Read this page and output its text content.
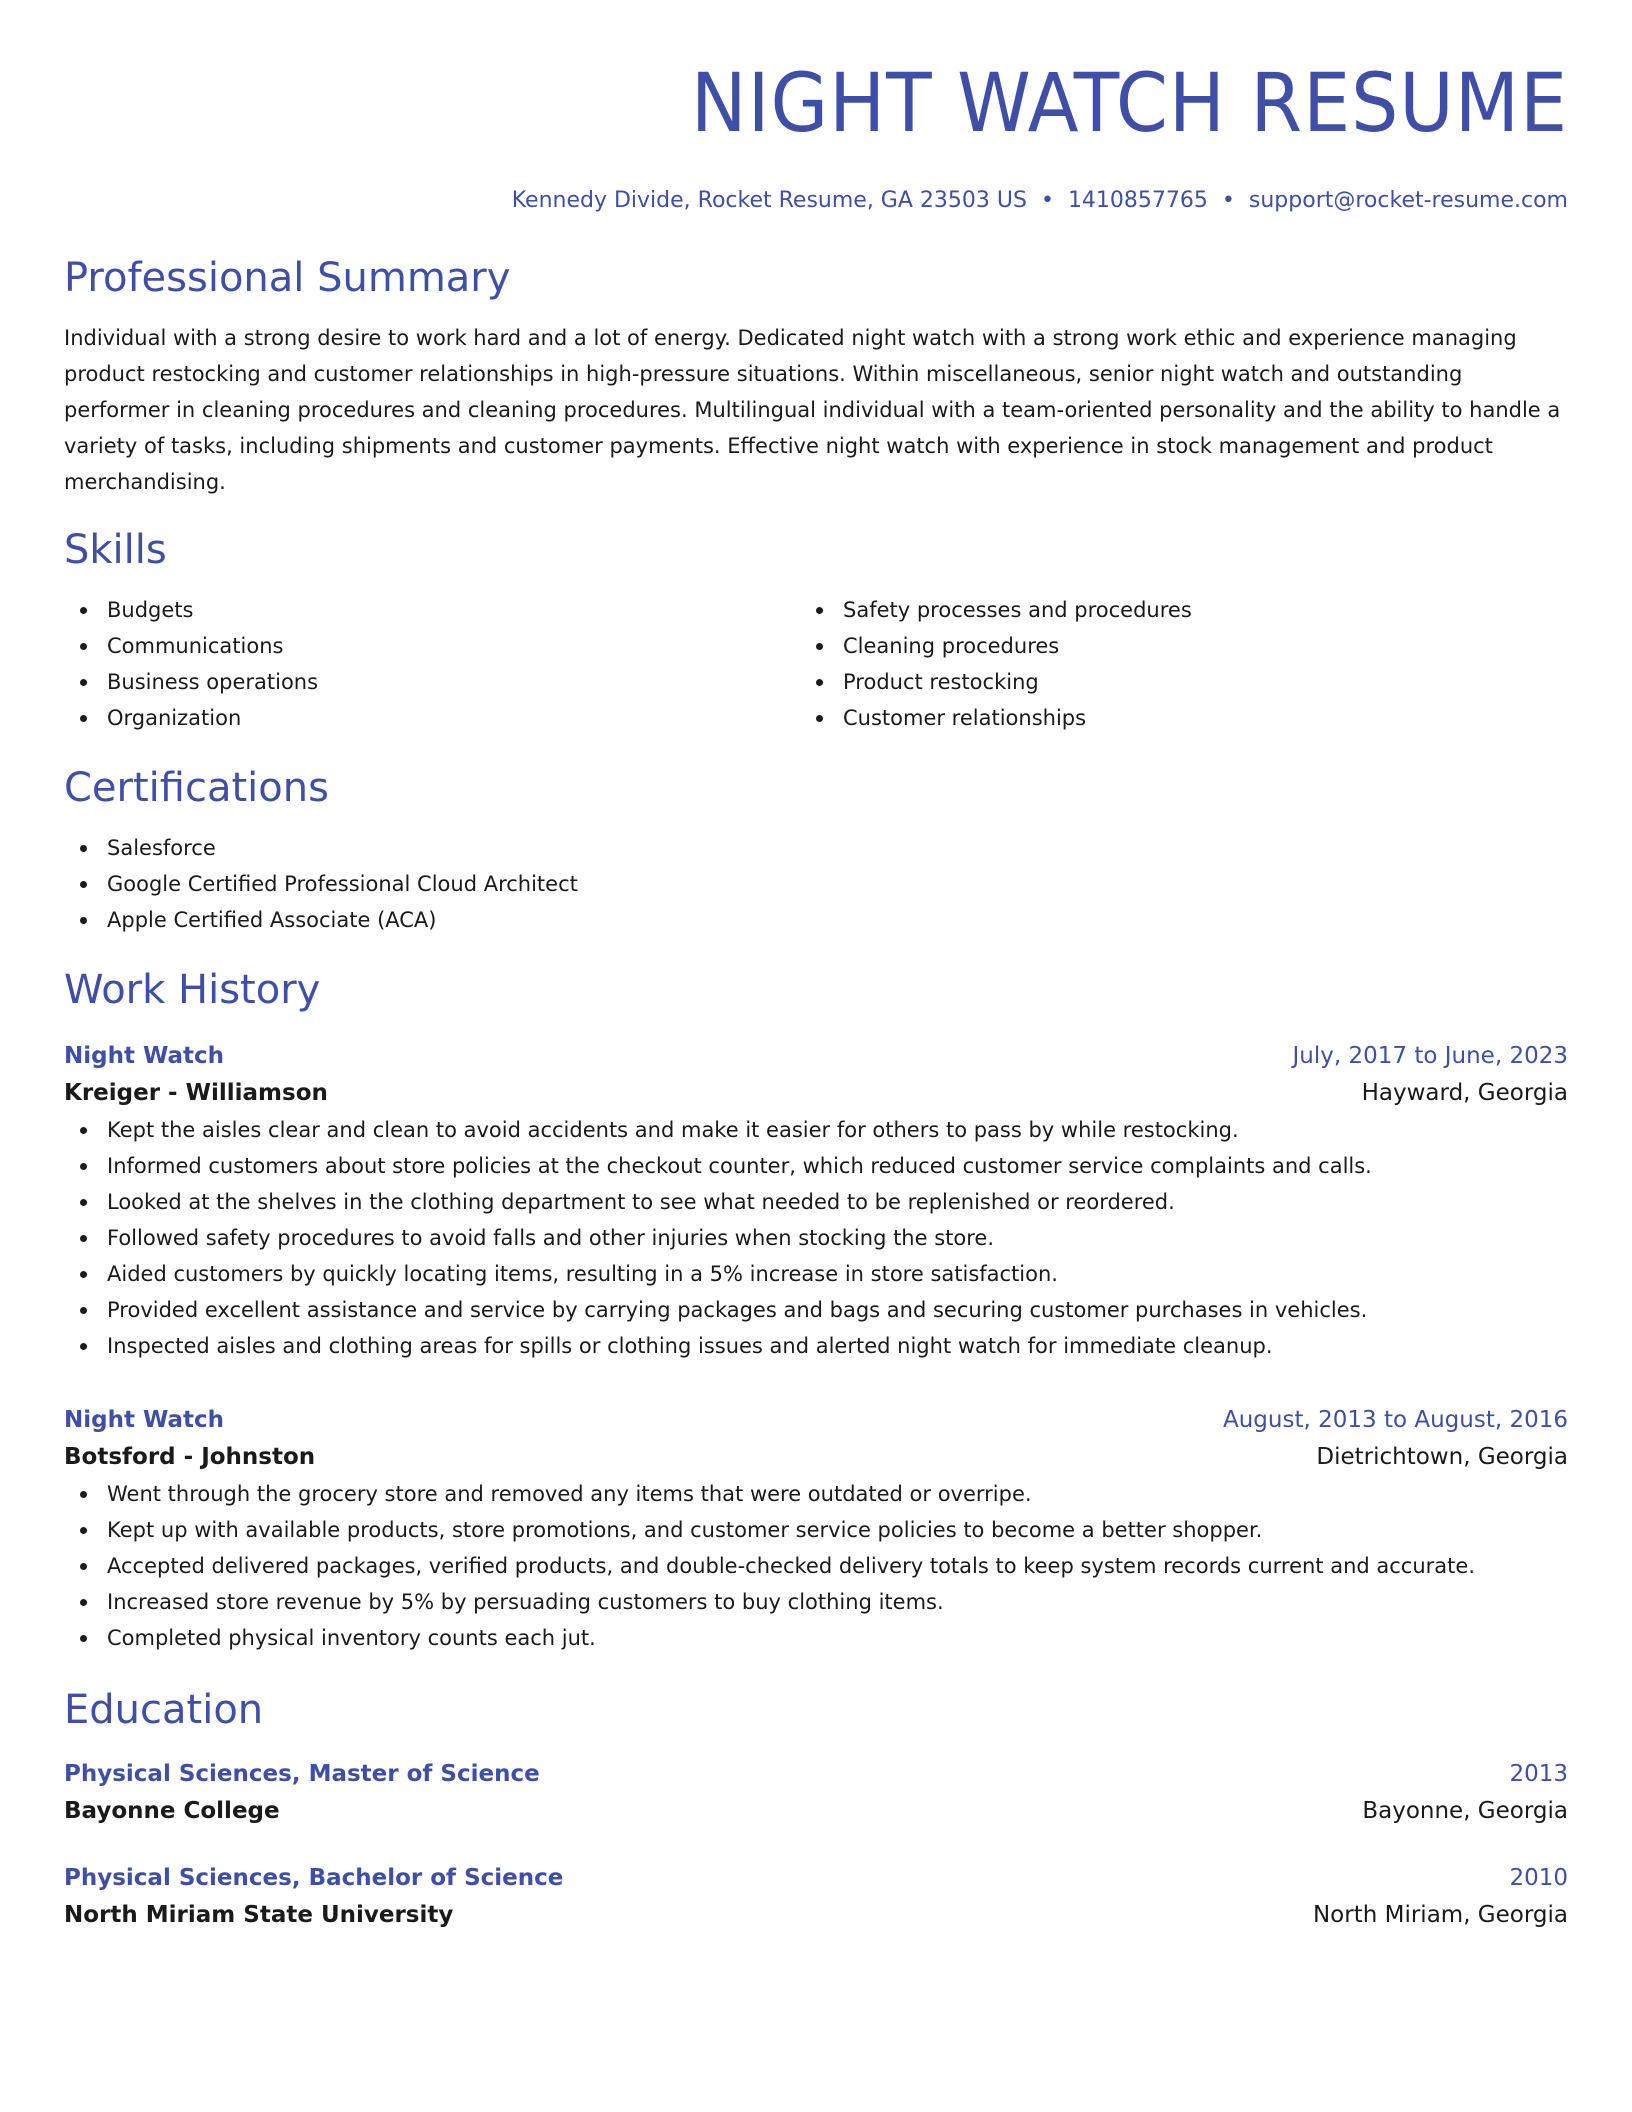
NIGHT WATCH RESUME
Kennedy Divide, Rocket Resume, GA 23503 US • 1410857765 • support@rocket-resume.com
Professional Summary

Individual with a strong desire to work hard and a lot of energy. Dedicated night watch with a strong work ethic and experience managing product restocking and customer relationships in high-pressure situations. Within miscellaneous, senior night watch and outstanding performer in cleaning procedures and cleaning procedures. Multilingual individual with a team-oriented personality and the ability to handle a variety of tasks, including shipments and customer payments. Effective night watch with experience in stock management and product merchandising.

Skills
Budgets
Communications
Business operations
Organization
Safety processes and procedures
Cleaning procedures
Product restocking
Customer relationships
Certifications
Salesforce
Google Certified Professional Cloud Architect
Apple Certified Associate (ACA)
Work History
Night Watch	July, 2017 to June, 2023
Kreiger - Williamson	Hayward, Georgia
Kept the aisles clear and clean to avoid accidents and make it easier for others to pass by while restocking.
Informed customers about store policies at the checkout counter, which reduced customer service complaints and calls.
Looked at the shelves in the clothing department to see what needed to be replenished or reordered.
Followed safety procedures to avoid falls and other injuries when stocking the store.
Aided customers by quickly locating items, resulting in a 5% increase in store satisfaction.
Provided excellent assistance and service by carrying packages and bags and securing customer purchases in vehicles.
Inspected aisles and clothing areas for spills or clothing issues and alerted night watch for immediate cleanup.
Night Watch	August, 2013 to August, 2016
Botsford - Johnston	Dietrichtown, Georgia
Went through the grocery store and removed any items that were outdated or overripe.
Kept up with available products, store promotions, and customer service policies to become a better shopper.
Accepted delivered packages, verified products, and double-checked delivery totals to keep system records current and accurate.
Increased store revenue by 5% by persuading customers to buy clothing items.
Completed physical inventory counts each jut.
Education
Physical Sciences, Master of Science	2013
Bayonne College	Bayonne, Georgia
Physical Sciences, Bachelor of Science	2010
North Miriam State University	North Miriam, Georgia
